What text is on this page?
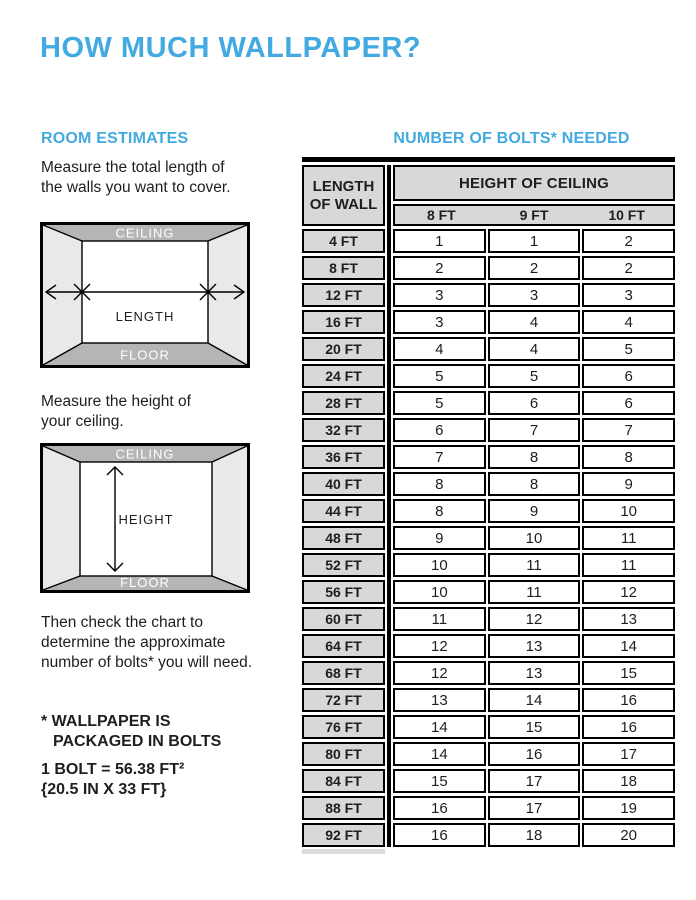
HOW MUCH WALLPAPER?
ROOM ESTIMATES
Measure the total length of
the walls you want to cover.
CEILING
FLOOR
LENGTH
Measure the height of
your ceiling.
HEIGHT
CEILING
FLOOR
Then check the chart to
determine the approximate
number of bolts* you will need.
* WALLPAPER IS
PACKAGED IN BOLTS
1 BOLT = 56.38 FT²
{20.5 IN X 33 FT}
NUMBER OF BOLTS* NEEDED
LENGTH
OF WALL
HEIGHT OF CEILING
8 FT	9 FT	10 FT
4 FT	1	1	2
8 FT	2	2	2
12 FT	3	3	3
16 FT	3	4	4
20 FT	4	4	5
24 FT	5	5	6
28 FT	5	6	6
32 FT	6	7	7
36 FT	7	8	8
40 FT	8	8	9
44 FT	8	9	10
48 FT	9	10	11
52 FT	10	11	11
56 FT	10	11	12
60 FT	11	12	13
64 FT	12	13	14
68 FT	12	13	15
72 FT	13	14	16
76 FT	14	15	16
80 FT	14	16	17
84 FT	15	17	18
88 FT	16	17	19
92 FT	16	18	20
